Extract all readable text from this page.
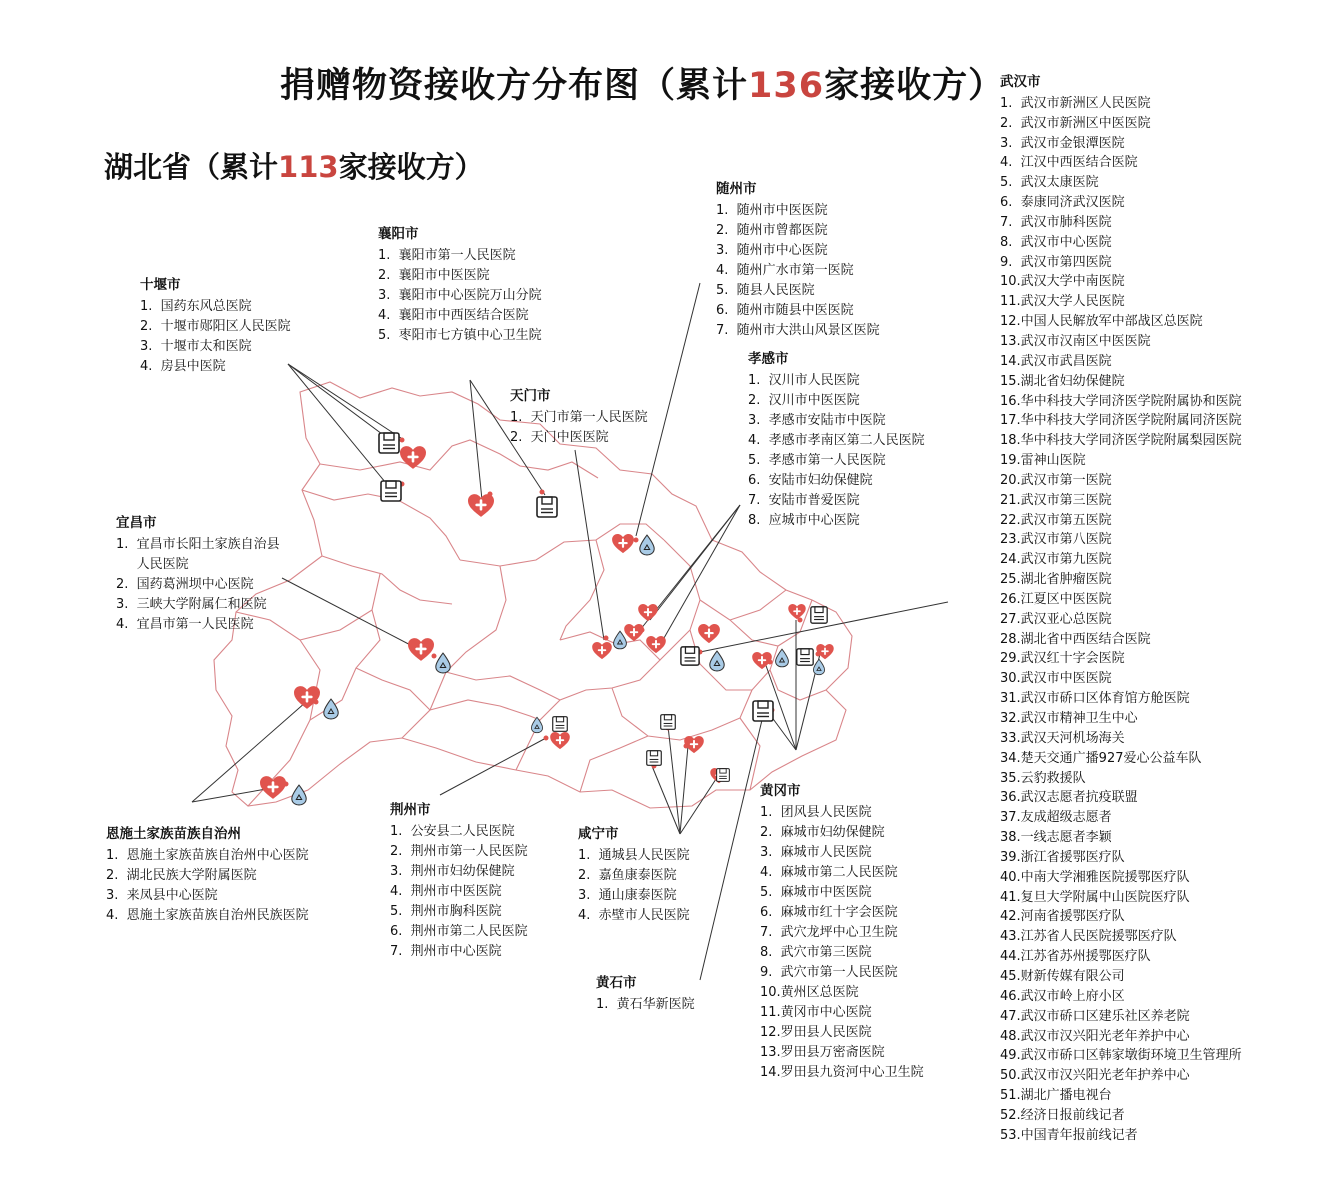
捐赠物资接收方分布图（累计136家接收方）
湖北省（累计113家接收方）
十堰市
1.  国药东风总医院
2.  十堰市郧阳区人民医院
3.  十堰市太和医院
4.  房县中医院
襄阳市
1.  襄阳市第一人民医院
2.  襄阳市中医医院
3.  襄阳市中心医院万山分院
4.  襄阳市中西医结合医院
5.  枣阳市七方镇中心卫生院
随州市
1.  随州市中医医院
2.  随州市曾都医院
3.  随州市中心医院
4.  随州广水市第一医院
5.  随县人民医院
6.  随州市随县中医医院
7.  随州市大洪山风景区医院
天门市
1.  天门市第一人民医院
2.  天门中医医院
孝感市
1.  汉川市人民医院
2.  汉川市中医医院
3.  孝感市安陆市中医院
4.  孝感市孝南区第二人民医院
5.  孝感市第一人民医院
6.  安陆市妇幼保健院
7.  安陆市普爱医院
8.  应城市中心医院
宜昌市
1.  宜昌市长阳土家族自治县
人民医院
2.  国药葛洲坝中心医院
3.  三峡大学附属仁和医院
4.  宜昌市第一人民医院
恩施土家族苗族自治州
1.  恩施土家族苗族自治州中心医院
2.  湖北民族大学附属医院
3.  来凤县中心医院
4.  恩施土家族苗族自治州民族医院
荆州市
1.  公安县二人民医院
2.  荆州市第一人民医院
3.  荆州市妇幼保健院
4.  荆州市中医医院
5.  荆州市胸科医院
6.  荆州市第二人民医院
7.  荆州市中心医院
咸宁市
1.  通城县人民医院
2.  嘉鱼康泰医院
3.  通山康泰医院
4.  赤壁市人民医院
黄冈市
1.  团风县人民医院
2.  麻城市妇幼保健院
3.  麻城市人民医院
4.  麻城市第二人民医院
5.  麻城市中医医院
6.  麻城市红十字会医院
7.  武穴龙坪中心卫生院
8.  武穴市第三医院
9.  武穴市第一人民医院
10.黄州区总医院
11.黄冈市中心医院
12.罗田县人民医院
13.罗田县万密斋医院
14.罗田县九资河中心卫生院
黄石市
1.  黄石华新医院
武汉市
1.  武汉市新洲区人民医院
2.  武汉市新洲区中医医院
3.  武汉市金银潭医院
4.  江汉中西医结合医院
5.  武汉太康医院
6.  泰康同济武汉医院
7.  武汉市肺科医院
8.  武汉市中心医院
9.  武汉市第四医院
10.武汉大学中南医院
11.武汉大学人民医院
12.中国人民解放军中部战区总医院
13.武汉市汉南区中医医院
14.武汉市武昌医院
15.湖北省妇幼保健院
16.华中科技大学同济医学院附属协和医院
17.华中科技大学同济医学院附属同济医院
18.华中科技大学同济医学院附属梨园医院
19.雷神山医院
20.武汉市第一医院
21.武汉市第三医院
22.武汉市第五医院
23.武汉市第八医院
24.武汉市第九医院
25.湖北省肿瘤医院
26.江夏区中医医院
27.武汉亚心总医院
28.湖北省中西医结合医院
29.武汉红十字会医院
30.武汉市中医医院
31.武汉市硚口区体育馆方舱医院
32.武汉市精神卫生中心
33.武汉天河机场海关
34.楚天交通广播927爱心公益车队
35.云豹救援队
36.武汉志愿者抗疫联盟
37.友成超级志愿者
38.一线志愿者李颖
39.浙江省援鄂医疗队
40.中南大学湘雅医院援鄂医疗队
41.复旦大学附属中山医院医疗队
42.河南省援鄂医疗队
43.江苏省人民医院援鄂医疗队
44.江苏省苏州援鄂医疗队
45.财新传媒有限公司
46.武汉市岭上府小区
47.武汉市硚口区建乐社区养老院
48.武汉市汉兴阳光老年养护中心
49.武汉市硚口区韩家墩街环境卫生管理所
50.武汉市汉兴阳光老年护养中心
51.湖北广播电视台
52.经济日报前线记者
53.中国青年报前线记者
